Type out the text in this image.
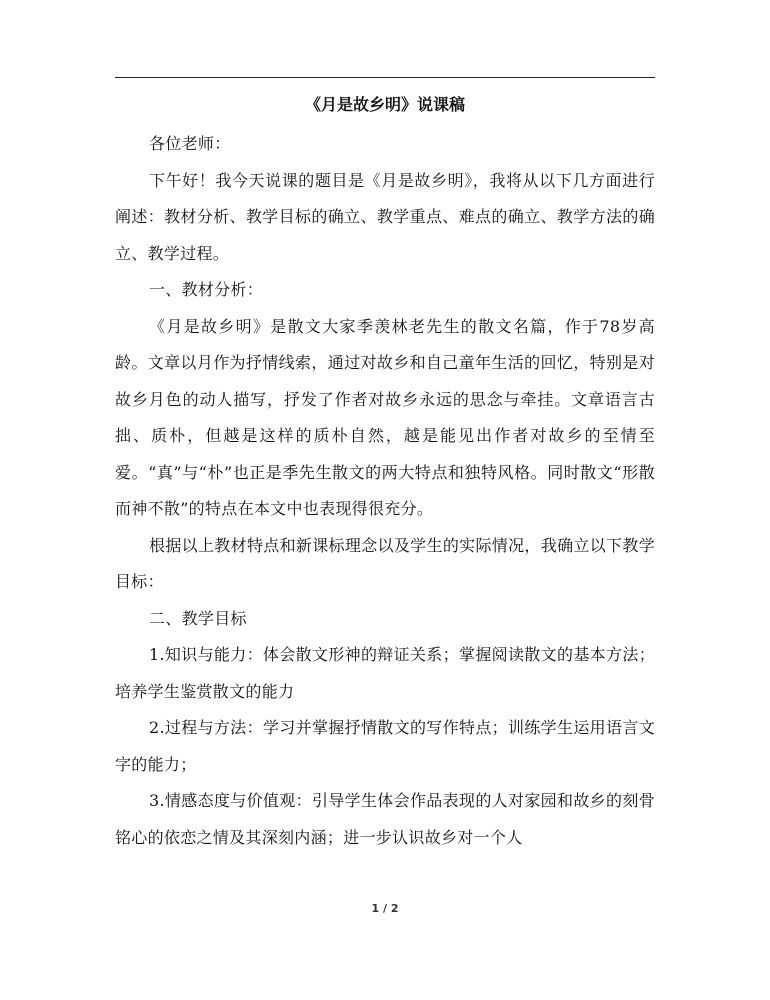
《月是故乡明》说课稿

各位老师：

下午好！我今天说课的题目是《月是故乡明》，我将从以下几方面进行阐述：教材分析、教学目标的确立、教学重点、难点的确立、教学方法的确立、教学过程。

一、教材分析：

《月是故乡明》是散文大家季羡林老先生的散文名篇，作于78岁高龄。文章以月作为抒情线索，通过对故乡和自己童年生活的回忆，特别是对故乡月色的动人描写，抒发了作者对故乡永远的思念与牵挂。文章语言古拙、质朴，但越是这样的质朴自然，越是能见出作者对故乡的至情至爱。“真”与“朴”也正是季先生散文的两大特点和独特风格。同时散文“形散而神不散”的特点在本文中也表现得很充分。

根据以上教材特点和新课标理念以及学生的实际情况，我确立以下教学目标：

二、教学目标

1.知识与能力：体会散文形神的辩证关系；掌握阅读散文的基本方法；培养学生鉴赏散文的能力

2.过程与方法：学习并掌握抒情散文的写作特点；训练学生运用语言文字的能力；

3.情感态度与价值观：引导学生体会作品表现的人对家园和故乡的刻骨铭心的依恋之情及其深刻内涵；进一步认识故乡对一个人

1 / 2
